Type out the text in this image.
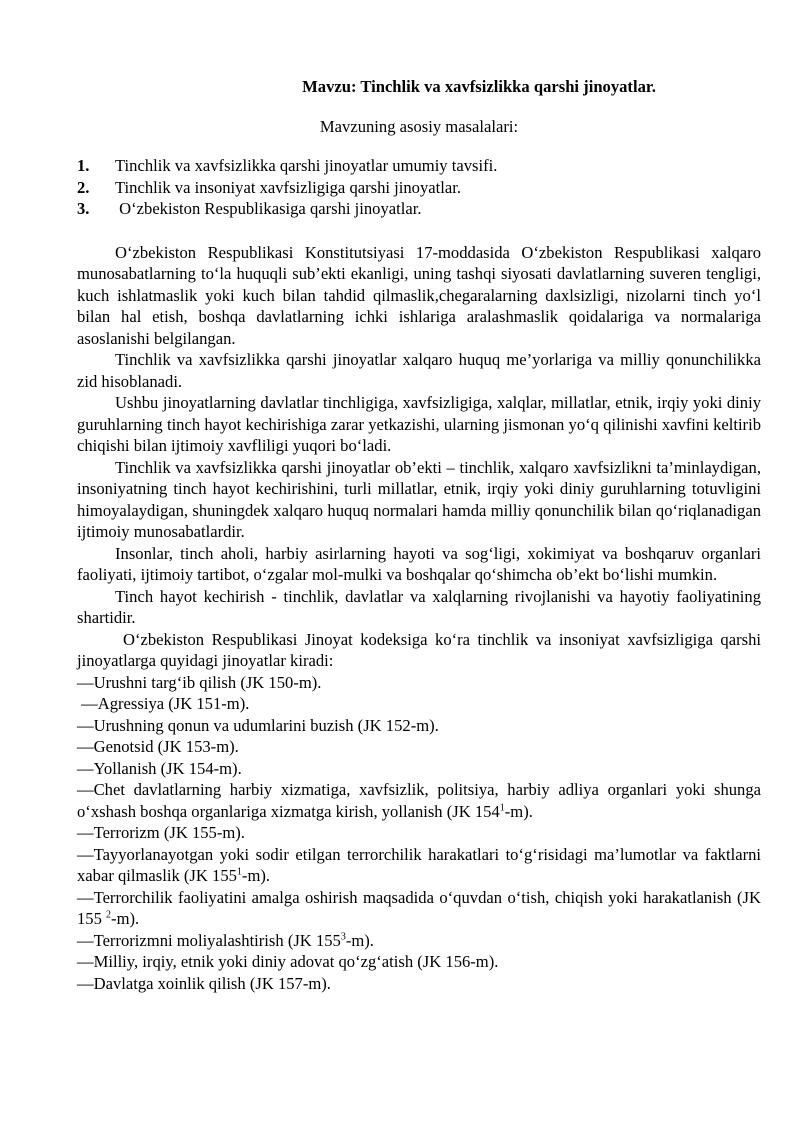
Mavzu: Tinchlik va xavfsizlikka qarshi jinoyatlar.
Mavzuning asosiy masalalari:
1.	Tinchlik va xavfsizlikka qarshi jinoyatlar umumiy tavsifi.
2.	Tinchlik va insoniyat xavfsizligiga qarshi jinoyatlar.
3.	O‘zbekiston Respublikasiga qarshi jinoyatlar.

O‘zbekiston Respublikasi Konstitutsiyasi 17-moddasida O‘zbekiston Respublikasi xalqaro munosabatlarning to‘la huquqli sub’ekti ekanligi, uning tashqi siyosati davlatlarning suveren tengligi, kuch ishlatmaslik yoki kuch bilan tahdid qilmaslik,chegaralarning daxlsizligi, nizolarni tinch yo‘l bilan hal etish, boshqa davlatlarning ichki ishlariga aralashmaslik qoidalariga va normalariga asoslanishi belgilangan.

Tinchlik va xavfsizlikka qarshi jinoyatlar xalqaro huquq me’yorlariga va milliy qonunchilikka zid hisoblanadi.

Ushbu jinoyatlarning davlatlar tinchligiga, xavfsizligiga, xalqlar, millatlar, etnik, irqiy yoki diniy guruhlarning tinch hayot kechirishiga zarar yetkazishi, ularning jismonan yo‘q qilinishi xavfini keltirib chiqishi bilan ijtimoiy xavfliligi yuqori bo‘ladi.

Tinchlik va xavfsizlikka qarshi jinoyatlar ob’ekti – tinchlik, xalqaro xavfsizlikni ta’minlaydigan, insoniyatning tinch hayot kechirishini, turli millatlar, etnik, irqiy yoki diniy guruhlarning totuvligini himoyalaydigan, shuningdek xalqaro huquq normalari hamda milliy qonunchilik bilan qo‘riqlanadigan ijtimoiy munosabatlardir.

Insonlar, tinch aholi, harbiy asirlarning hayoti va sog‘ligi, xokimiyat va boshqaruv organlari faoliyati, ijtimoiy tartibot, o‘zgalar mol-mulki va boshqalar qo‘shimcha ob’ekt bo‘lishi mumkin.

Tinch hayot kechirish - tinchlik, davlatlar va xalqlarning rivojlanishi va hayotiy faoliyatining shartidir.

O‘zbekiston Respublikasi Jinoyat kodeksiga ko‘ra tinchlik va insoniyat xavfsizligiga qarshi jinoyatlarga quyidagi jinoyatlar kiradi:

—Urushni targ‘ib qilish (JK 150-m).

—Agressiya (JK 151-m).

—Urushning qonun va udumlarini buzish (JK 152-m).

—Genotsid (JK 153-m).

—Yollanish (JK 154-m).

—Chet davlatlarning harbiy xizmatiga, xavfsizlik, politsiya, harbiy adliya organlari yoki shunga o‘xshash boshqa organlariga xizmatga kirish, yollanish (JK $154^1-m$).

—Terrorizm (JK 155-m).

—Tayyorlanayotgan yoki sodir etilgan terrorchilik harakatlari to‘g‘risidagi ma’lumotlar va faktlarni xabar qilmaslik (JK $155^1-m$).

—Terrorchilik faoliyatini amalga oshirish maqsadida o‘quvdan o‘tish, chiqish yoki harakatlanish (JK 155 $^2$-m).

—Terrorizmni moliyalashtirish (JK $155^3-m$).

—Milliy, irqiy, etnik yoki diniy adovat qo‘zg‘atish (JK 156-m).

—Davlatga xoinlik qilish (JK 157-m).
